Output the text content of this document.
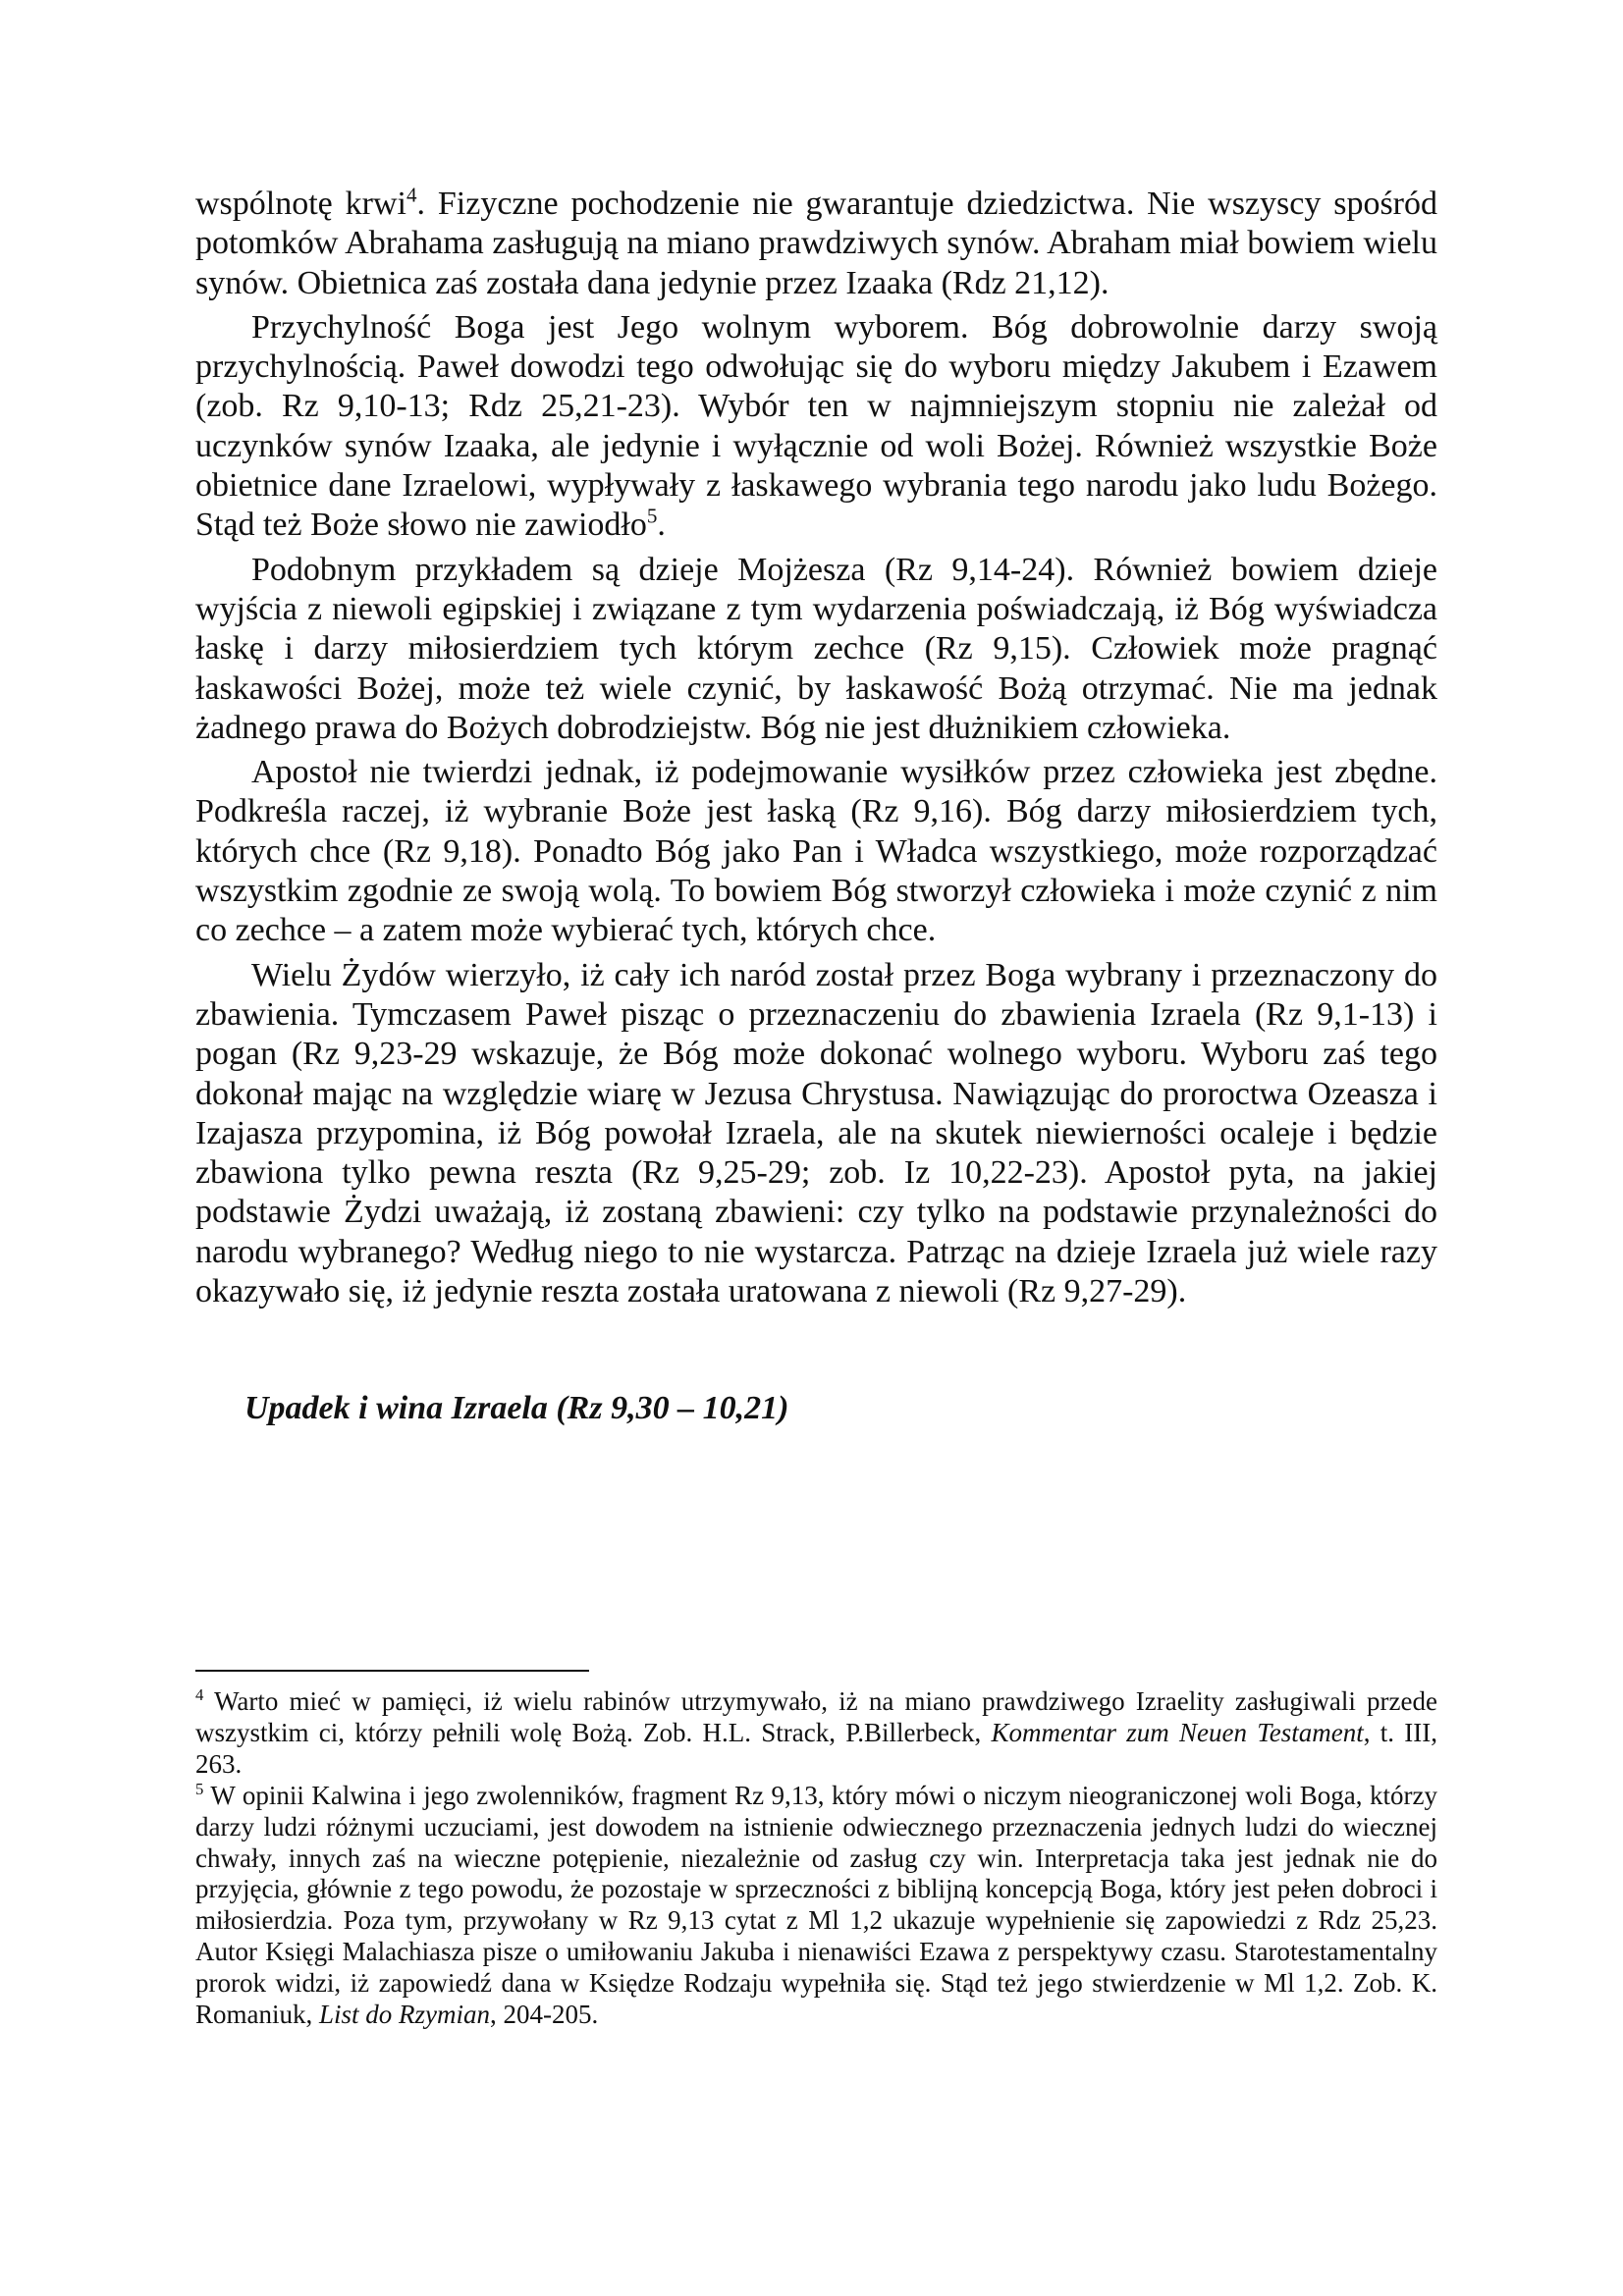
wspólnotę krwi$^4$. Fizyczne pochodzenie nie gwarantuje dziedzictwa. Nie wszyscy spośród potomków Abrahama zasługują na miano prawdziwych synów. Abraham miał bowiem wielu synów. Obietnica zaś została dana jedynie przez Izaaka (Rdz 21,12).

Przychylność Boga jest Jego wolnym wyborem. Bóg dobrowolnie darzy swoją przychylnością. Paweł dowodzi tego odwołując się do wyboru między Jakubem i Ezawem (zob. Rz 9,10-13; Rdz 25,21-23). Wybór ten w najmniejszym stopniu nie zależał od uczynków synów Izaaka, ale jedynie i wyłącznie od woli Bożej. Również wszystkie Boże obietnice dane Izraelowi, wypływały z łaskawego wybrania tego narodu jako ludu Bożego. Stąd też Boże słowo nie zawiodło$^5$.

Podobnym przykładem są dzieje Mojżesza (Rz 9,14-24). Również bowiem dzieje wyjścia z niewoli egipskiej i związane z tym wydarzenia poświadczają, iż Bóg wyświadcza łaskę i darzy miłosierdziem tych którym zechce (Rz 9,15). Człowiek może pragnąć łaskawości Bożej, może też wiele czynić, by łaskawość Bożą otrzymać. Nie ma jednak żadnego prawa do Bożych dobrodziejstw. Bóg nie jest dłużnikiem człowieka.

Apostoł nie twierdzi jednak, iż podejmowanie wysiłków przez człowieka jest zbędne. Podkreśla raczej, iż wybranie Boże jest łaską (Rz 9,16). Bóg darzy miłosierdziem tych, których chce (Rz 9,18). Ponadto Bóg jako Pan i Władca wszystkiego, może rozporządzać wszystkim zgodnie ze swoją wolą. To bowiem Bóg stworzył człowieka i może czynić z nim co zechce – a zatem może wybierać tych, których chce.

Wielu Żydów wierzyło, iż cały ich naród został przez Boga wybrany i przeznaczony do zbawienia. Tymczasem Paweł pisząc o przeznaczeniu do zbawienia Izraela (Rz 9,1-13) i pogan (Rz 9,23-29 wskazuje, że Bóg może dokonać wolnego wyboru. Wyboru zaś tego dokonał mając na względzie wiarę w Jezusa Chrystusa. Nawiązując do proroctwa Ozeasza i Izajasza przypomina, iż Bóg powołał Izraela, ale na skutek niewierności ocaleje i będzie zbawiona tylko pewna reszta (Rz 9,25-29; zob. Iz 10,22-23). Apostoł pyta, na jakiej podstawie Żydzi uważają, iż zostaną zbawieni: czy tylko na podstawie przynależności do narodu wybranego? Według niego to nie wystarcza. Patrząc na dzieje Izraela już wiele razy okazywało się, iż jedynie reszta została uratowana z niewoli (Rz 9,27-29).

Upadek i wina Izraela (Rz 9,30 – 10,21)

$^4$ Warto mieć w pamięci, iż wielu rabinów utrzymywało, iż na miano prawdziwego Izraelity zasługiwali przede wszystkim ci, którzy pełnili wolę Bożą. Zob. H.L. Strack, P.Billerbeck, Kommentar zum Neuen Testament, t. III, 263.

$^5$ W opinii Kalwina i jego zwolenników, fragment Rz 9,13, który mówi o niczym nieograniczonej woli Boga, którzy darzy ludzi różnymi uczuciami, jest dowodem na istnienie odwiecznego przeznaczenia jednych ludzi do wiecznej chwały, innych zaś na wieczne potępienie, niezależnie od zasług czy win. Interpretacja taka jest jednak nie do przyjęcia, głównie z tego powodu, że pozostaje w sprzeczności z biblijną koncepcją Boga, który jest pełen dobroci i miłosierdzia. Poza tym, przywołany w Rz 9,13 cytat z Ml 1,2 ukazuje wypełnienie się zapowiedzi z Rdz 25,23. Autor Księgi Malachiasza pisze o umiłowaniu Jakuba i nienawiści Ezawa z perspektywy czasu. Starotestamentalny prorok widzi, iż zapowiedź dana w Księdze Rodzaju wypełniła się. Stąd też jego stwierdzenie w Ml 1,2. Zob. K. Romaniuk, List do Rzymian, 204-205.
